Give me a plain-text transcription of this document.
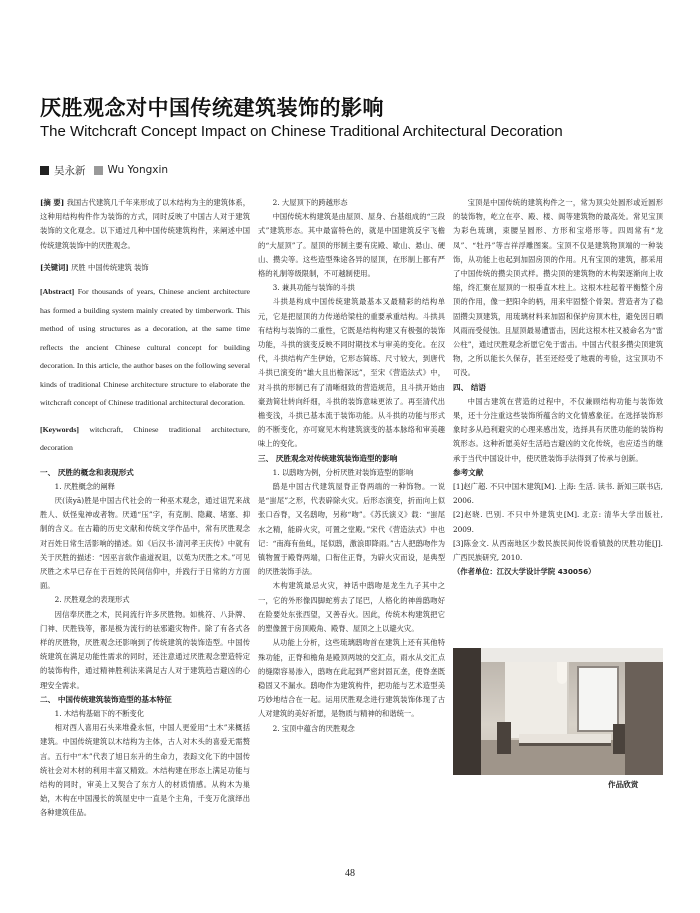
厌胜观念对中国传统建筑装饰的影响
The Witchcraft Concept Impact on Chinese Traditional Architectural Decoration
吴永新 Wu Yongxin

[摘 要] 我国古代建筑几千年来形成了以木结构为主的建筑体系，这种用结构构件作为装饰的方式，同时反映了中国古人对于建筑装饰的文化观念。以下通过几种中国传统建筑构件，来阐述中国传统建筑装饰中的厌胜观念。

[关键词] 厌胜 中国传统建筑 装饰

[Abstract] For thousands of years, Chinese ancient architecture has formed a building system mainly created by timberwork. This method of using structures as a decoration, at the same time reflects the ancient Chinese cultural concept for building decoration. In this article, the author bases on the following several kinds of traditional Chinese architecture structure to elaborate the witchcraft concept of Chinese traditional architectural decoration.

[Keywords] witchcraft, Chinese traditional architecture, decoration

一、 厌胜的概念和表现形式

1. 厌胜概念的阐释

厌(读yā)胜是中国古代社会的一种巫术观念，通过诅咒来战胜人、妖怪鬼神或者物。厌通“压”字，有克制、隐藏、堵塞、抑制的含义。在古籍的历史文献和传统文学作品中，常有厌胜观念对百姓日常生活影响的描述。如《后汉书·清河孝王庆传》中就有关于厌胜的描述：“因巫言欲作蛊道祝诅，以菟为厌胜之术。”可见厌胜之术早已存在于百姓的民间信仰中，并践行于日常的方方面面。

2. 厌胜观念的表现形式

因信奉厌胜之术，民间流行许多厌胜物。如桃符、八卦牌、门神、厌胜钱等，都是极为流行的祛邪避灾物件。除了有各式各样的厌胜物，厌胜观念还影响到了传统建筑的装饰造型。中国传统建筑在满足功能性需求的同时，还注意通过厌胜观念塑造特定的装饰构件，通过精神胜利法来满足古人对于建筑趋吉避凶的心理安全需求。

二、 中国传统建筑装饰造型的基本特征

1. 木结构基础下的不断变化

相对西人喜用石头来堆叠永恒，中国人更爱用“土木”来概括建筑。中国传统建筑以木结构为主体，古人对木头的喜爱无需赘言。五行中“木”代表了旭日东升的生命力，表踪文化下的中国传统社会对木材的利用丰富又精致。木结构建在形态上满足功能与结构的同时，审美上又契合了东方人的材质情感。从构木为巢始，木构在中国漫长的筑屋史中一直是个主角，千变万化演绎出各种建筑佳品。

2. 大屋顶下的跨越形态

中国传统木构建筑是由屋顶、屋身、台基组成的“三段式”建筑形态。其中最富特色的，就是中国建筑反宇飞檐的“大屋顶”了。屋顶的形制主要有庑殿、歇山、悬山、硬山、攒尖等。这些造型殊途各异的屋顶，在形制上都有严格的礼制等级限制，不可越制使用。

3. 兼具功能与装饰的斗拱

斗拱是构成中国传统建筑最基本又最精彩的结构单元，它是把屋顶的力传递给梁柱的重要承重结构。斗拱具有结构与装饰的二重性，它既是结构构建又有极强的装饰功能，斗拱的演变反映不同时期技术与审美的变化。在汉代，斗拱结构产生伊始，它形态简练、尺寸较大，到唐代斗拱已演变的“雄大且出檐深远”，至宋《营造法式》中，对斗拱的形制已有了清晰细致的营造规范，且斗拱开始由豪劲简壮转向纤细，斗拱的装饰意味更浓了。再至清代出檐变浅，斗拱已基本流于装饰功能。从斗拱的功能与形式的不断变化，亦可窥见木构建筑演变的基本脉络和审美趣味上的变化。

三、 厌胜观念对传统建筑装饰造型的影响

1. 以鸱吻为例，分析厌胜对装饰造型的影响

鸱是中国古代建筑屋脊正脊两端的一种饰物。一说是“蚩尾”之形，代表辟除火灾。后形态演变，折而向上似张口吞脊，又名鸱吻，另称“吻”。《苏氏演义》载：“蚩尾水之精，能辟火灾，可置之堂殿。”宋代《营造法式》中也记：“南海有鱼虬，尾似鸱，激浪即降雨。”古人把鸱吻作为镇物置于殿脊两端，口衔住正脊，为辟火灾而设，是典型的厌胜装饰手法。

木构建筑最忌火灾，神话中鸱吻是龙生九子其中之一，它的外形像四脚蛇剪去了尾巴，人格化的神兽鸱吻好在险要处东张西望，又善吞火。因此，传统木构建筑把它的塑像置于房顶殿角、殿脊、屋顶之上以避火灾。

从功能上分析，这些琉璃鸱吻首在建筑上还有其他特殊功能，正脊和檐角是殿顶两坡的交汇点，雨水从交汇点的缝隙容易渗入，鸱吻在此起到严密封固瓦垄，使脊垄既稳固又不漏水。鸱吻作为建筑构件，把功能与艺术造型美巧妙地结合在一起。运用厌胜观念进行建筑装饰体现了古人对建筑的美好祈愿，是物质与精神的和谐统一。

2. 宝顶中蕴含的厌胜观念

宝顶是中国传统的建筑构件之一，常为顶尖处圆形或近圆形的装饰物，屹立在亭、殿、楼、阁等建筑物的最高处。常见宝顶为彩色琉璃，束腰呈圆形、方形和宝塔形等。四周常有“龙凤”、“牡丹”等吉祥浮雕图案。宝顶不仅是建筑物顶端的一种装饰，从功能上也起到加固房顶的作用。凡有宝顶的建筑，都采用了中国传统的攒尖顶式样。攒尖顶的建筑物的木构架逐渐向上收缩，终汇聚在屋顶的一根垂直木柱上。这根木柱起着平衡整个房顶的作用，像一把阳伞的柄，用来牢固整个骨架。营造者为了稳固攒尖顶建筑，用琉璃材料来加固和保护房顶木柱，避免因日晒风雨而受侵蚀。且屋顶最易遭雷击，因此这根木柱又被命名为“雷公柱”，通过厌胜观念祈愿它免于雷击。中国古代很多攒尖顶建筑物，之所以能长久保存，甚至还经受了地震的考验，这宝顶功不可没。

四、 结语

中国古建筑在营造的过程中，不仅兼顾结构功能与装饰效果，还十分注重这些装饰所蕴含的文化情感象征。在选择装饰形象时多从趋利避灾的心理来感出发，选择具有厌胜功能的装饰构筑形态。这种祈愿美好生活趋吉避凶的文化传统，也应适当的继承于当代中国设计中，使厌胜装饰手法得到了传承与创新。

参考文献

[1]赵广超. 不只中国木建筑[M]. 上海: 生活. 读书. 新知三联书店, 2006.

[2]赵晓. 巴别. 不只中外建筑史[M]. 北京: 清华大学出版社, 2009.

[3]陈金文. 从西南地区少数民族民间传说看镇鼓的厌胜功能[J]. 广西民族研究, 2010.

（作者单位：江汉大学设计学院 430056）

作品欣赏
48
